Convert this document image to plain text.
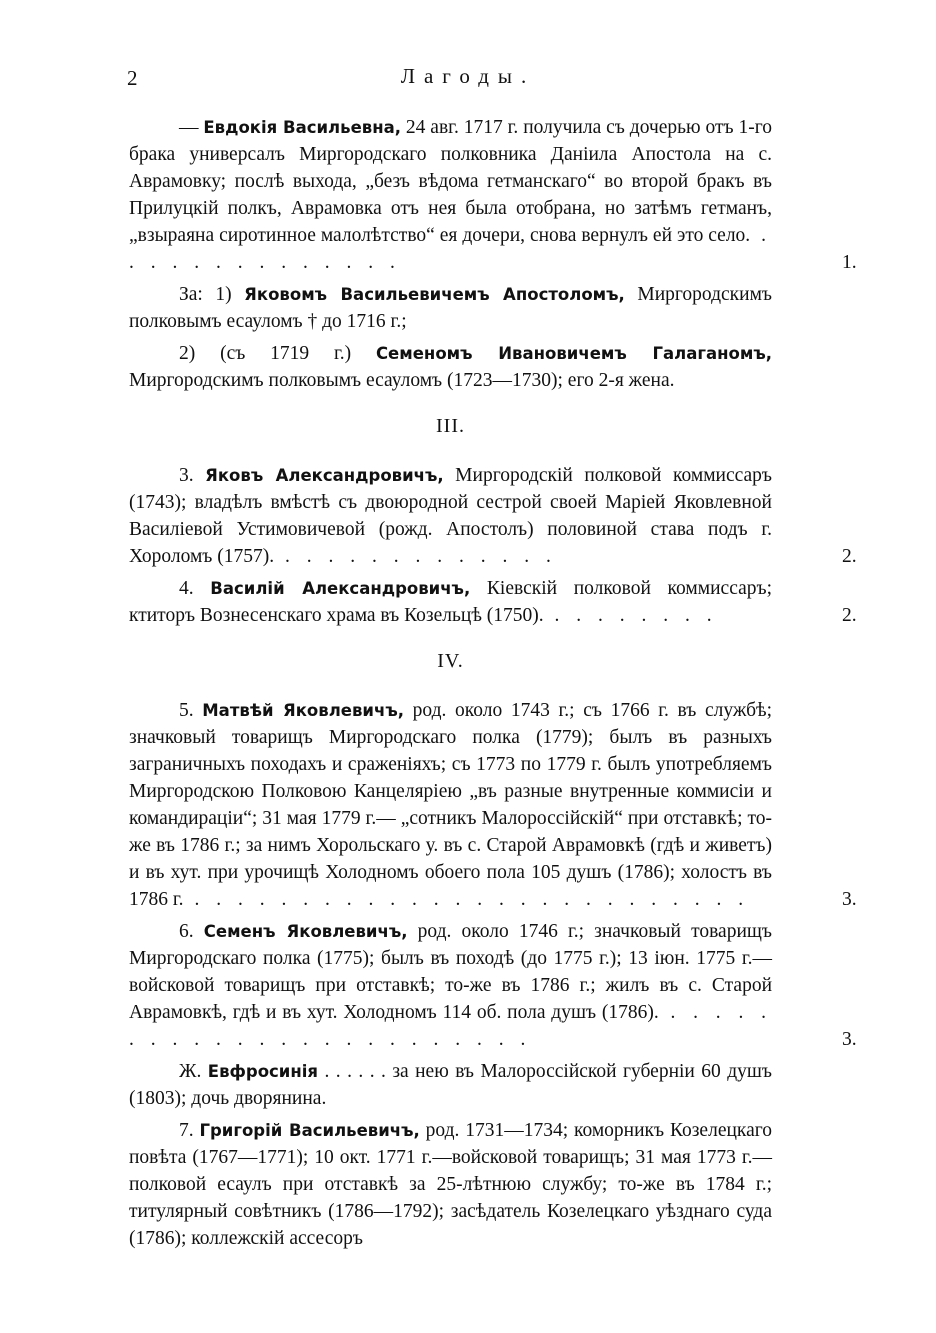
2	Лагоды.

— Евдокія Васильевна, 24 авг. 1717 г. получила съ дочерью отъ 1-го брака универсалъ Миргородскаго полковника Даніила Апостола на с. Аврамовку; послѣ выхода, „безъ вѣдома гетманскаго“ во второй бракъ въ Прилуцкій полкъ, Аврамовка отъ нея была отобрана, но затѣмъ гетманъ, „взыраяна сиротинное малолѣтство“ ея дочери, снова вернулъ ей это село. . . . . . . . . . . . . . .	1.

За: 1) Яковомъ Васильевичемъ Апостоломъ, Миргородскимъ полковымъ есауломъ † до 1716 г.;

2) (съ 1719 г.) Семеномъ Ивановичемъ Галаганомъ, Миргородскимъ полковымъ есауломъ (1723—1730); его 2-я жена.

III.

3. Яковъ Александровичъ, Миргородскій полковой коммиссаръ (1743); владѣлъ вмѣстѣ съ двоюродной сестрой своей Маріей Яковлевной Василіевой Устимовичевой (рожд. Апостолъ) половиной става подъ г. Хороломъ (1757). . . . . . . . . . . . . .	2.

4. Василій Александровичъ, Кіевскій полковой коммиссаръ; ктиторъ Вознесенскаго храма въ Козельцѣ (1750). . . . . . . . .	2.

IV.

5. Матвѣй Яковлевичъ, род. около 1743 г.; съ 1766 г. въ службѣ; значковый товарищъ Миргородскаго полка (1779); былъ въ разныхъ заграничныхъ походахъ и сраженіяхъ; съ 1773 по 1779 г. былъ употребляемъ Миргородскою Полковою Канцеляріею „въ разные внутренные коммисіи и командираціи“; 31 мая 1779 г.— „сотникъ Малороссійскій“ при отставкѣ; то-же въ 1786 г.; за нимъ Хорольскаго у. въ с. Старой Аврамовкѣ (гдѣ и живетъ) и въ хут. при урочищѣ Холодномъ обоего пола 105 душъ (1786); холостъ въ 1786 г. . . . . . . . . . . . . . . . . . . . . . . . . . .	3.

6. Семенъ Яковлевичъ, род. около 1746 г.; значковый товарищъ Миргородскаго полка (1775); былъ въ походѣ (до 1775 г.); 13 іюн. 1775 г.—войсковой товарищъ при отставкѣ; то-же въ 1786 г.; жилъ въ с. Старой Аврамовкѣ, гдѣ и въ хут. Холодномъ 114 об. пола душъ (1786). . . . . . . . . . . . . . . . . . . . . . . . .	3.

Ж. Евфросинія . . . . . . за нею въ Малороссійской губерніи 60 душъ (1803); дочь дворянина.

7. Григорій Васильевичъ, род. 1731—1734; коморникъ Козелецкаго повѣта (1767—1771); 10 окт. 1771 г.—войсковой товарищъ; 31 мая 1773 г.—полковой есаулъ при отставкѣ за 25-лѣтнюю службу; то-же въ 1784 г.; титулярный совѣтникъ (1786—1792); засѣдатель Козелецкаго уѣзднаго суда (1786); коллежскій ассесоръ
